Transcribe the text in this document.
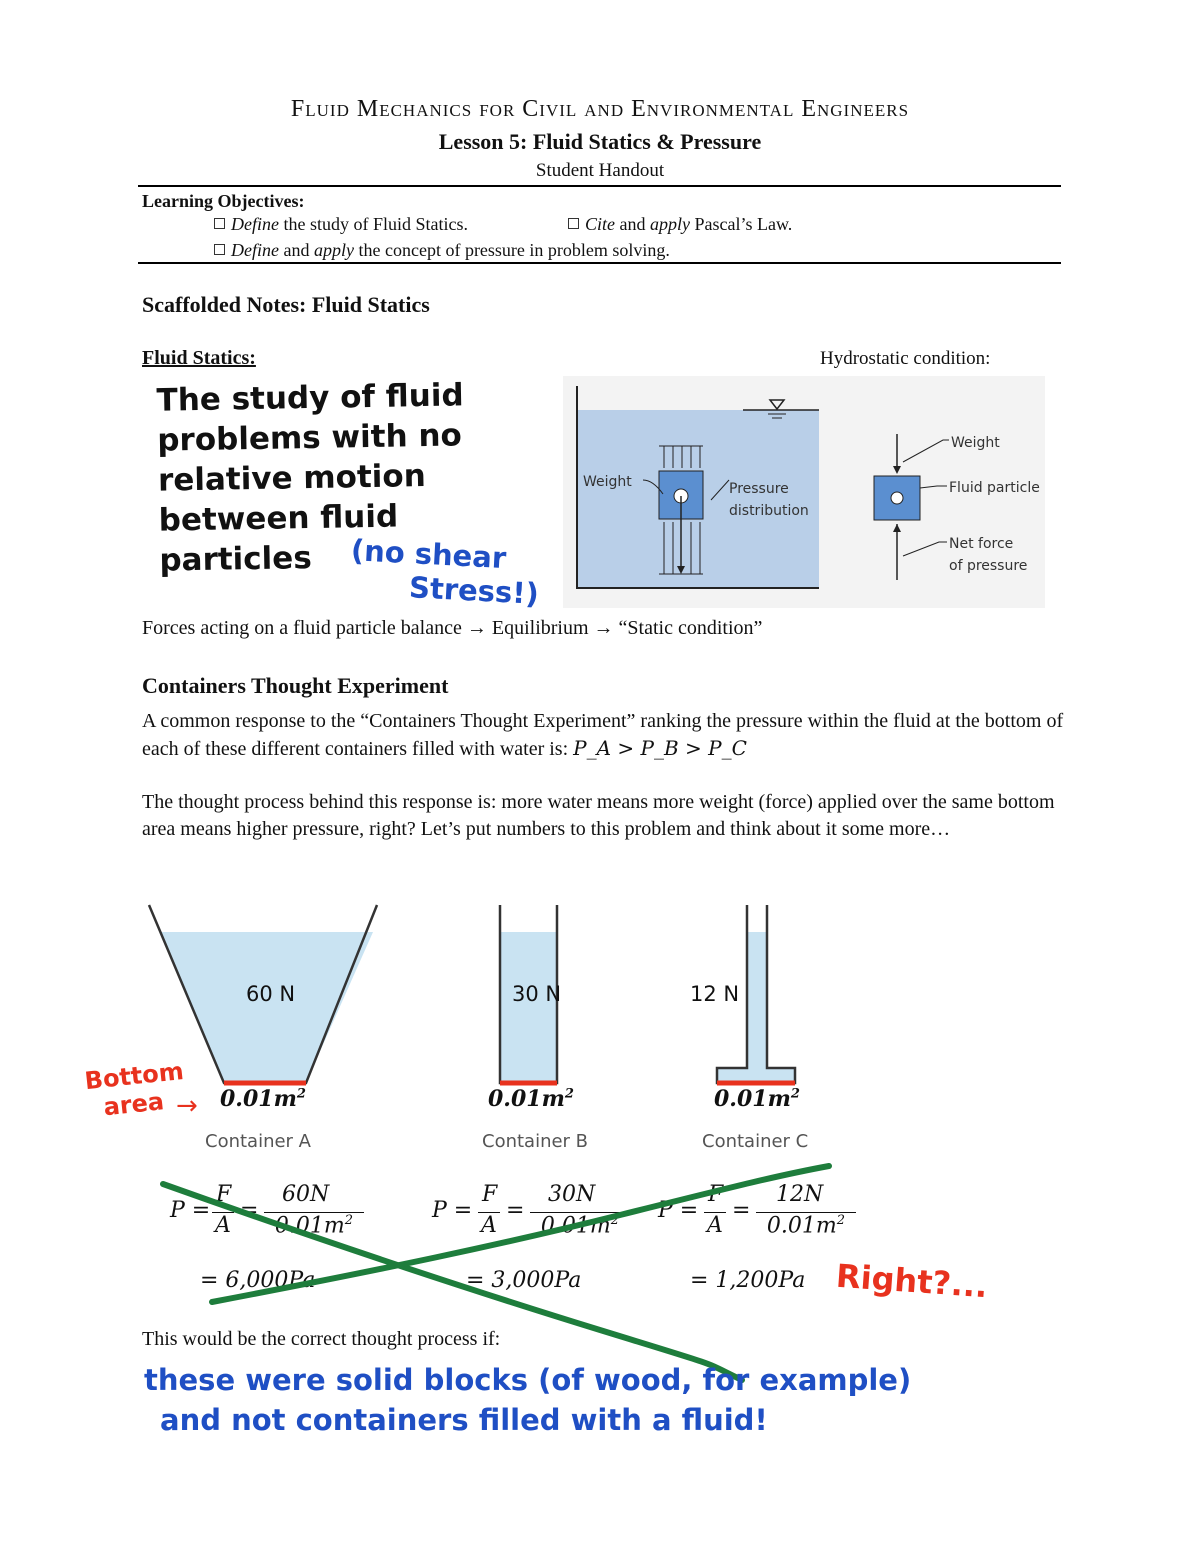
Fluid Mechanics for Civil and Environmental Engineers
Lesson 5: Fluid Statics & Pressure
Student Handout
Learning Objectives:
Define the study of Fluid Statics.	Cite and apply Pascal’s Law.
Define and apply the concept of pressure in problem solving.
Scaffolded Notes: Fluid Statics
Fluid Statics:	Hydrostatic condition:
The study of fluid
problems with no
relative motion
between fluid
particles	(no shear
Stress!)
Weight	Pressure
distribution
Weight
Fluid particle
Net force
of pressure
Forces acting on a fluid particle balance → Equilibrium → “Static condition”
Containers Thought Experiment
A common response to the “Containers Thought Experiment” ranking the pressure within the fluid at the bottom of each of these different containers filled with water is: P_A > P_B > P_C
The thought process behind this response is: more water means more weight (force) applied over the same bottom area means higher pressure, right? Let’s put numbers to this problem and think about it some more…
60 N	30 N	12 N
$0.01m^2$	$0.01m^2$	$0.01m^2$
Container A	Container B	Container C
Bottom
area →
P =
F
A
=
60N
$0.01m^2$	P =
F
A
=
30N
$0.01m^2$	P =
F
A
=
12N
$0.01m^2$
= 6,000Pa	= 3,000Pa	= 1,200Pa Right?...
This would be the correct thought process if:
these were solid blocks (of wood, for example)
and not containers filled with a fluid!
